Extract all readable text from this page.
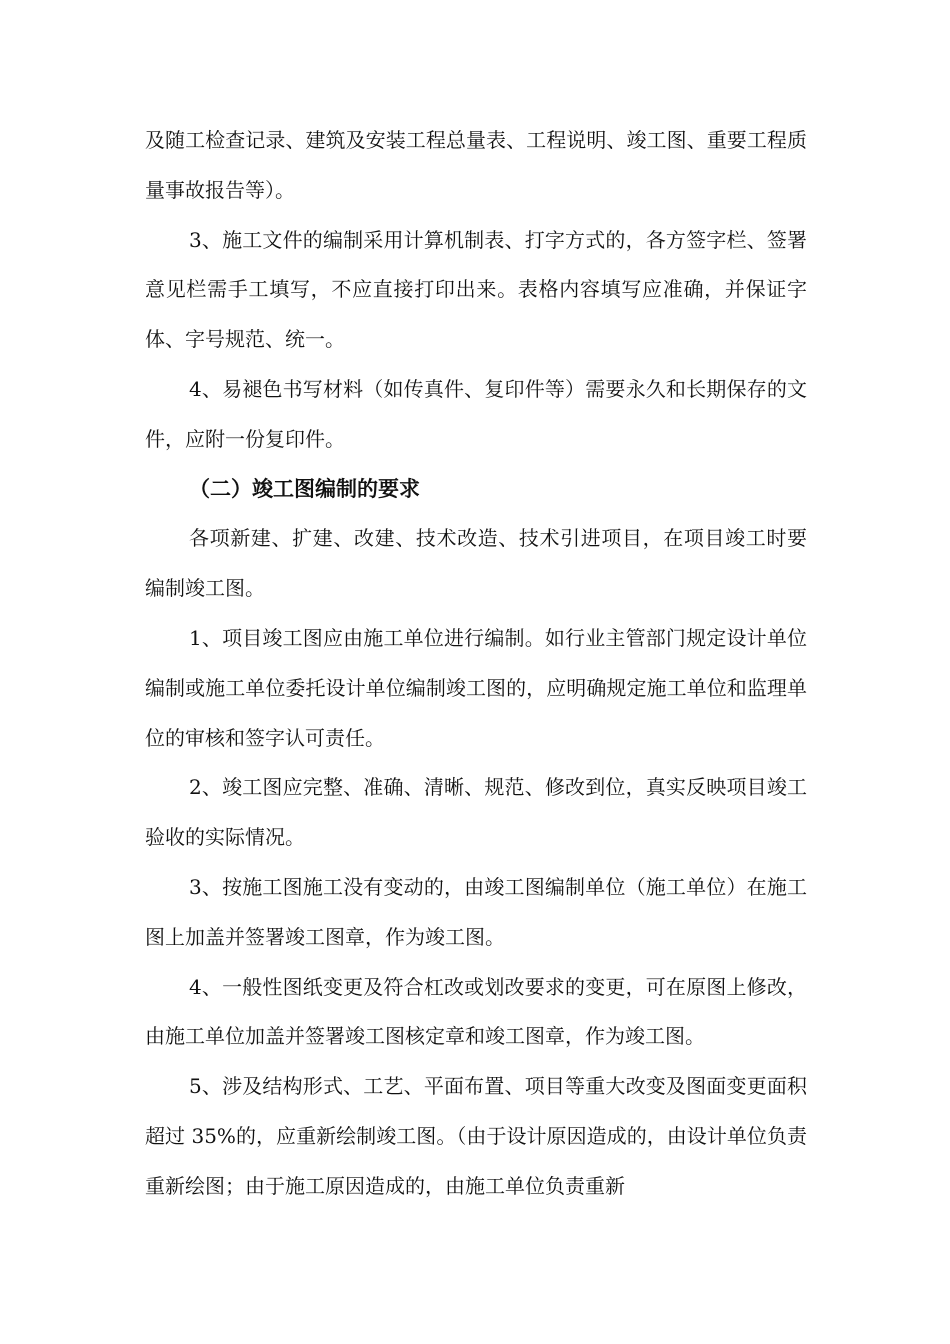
及随工检查记录、建筑及安装工程总量表、工程说明、竣工图、重要工程质量事故报告等）。

3、施工文件的编制采用计算机制表、打字方式的，各方签字栏、签署意见栏需手工填写，不应直接打印出来。表格内容填写应准确，并保证字体、字号规范、统一。

4、易褪色书写材料（如传真件、复印件等）需要永久和长期保存的文件，应附一份复印件。

（二）竣工图编制的要求

各项新建、扩建、改建、技术改造、技术引进项目，在项目竣工时要编制竣工图。

1、项目竣工图应由施工单位进行编制。如行业主管部门规定设计单位编制或施工单位委托设计单位编制竣工图的，应明确规定施工单位和监理单位的审核和签字认可责任。

2、竣工图应完整、准确、清晰、规范、修改到位，真实反映项目竣工验收的实际情况。

3、按施工图施工没有变动的，由竣工图编制单位（施工单位）在施工图上加盖并签署竣工图章，作为竣工图。

4、一般性图纸变更及符合杠改或划改要求的变更，可在原图上修改，由施工单位加盖并签署竣工图核定章和竣工图章，作为竣工图。

5、涉及结构形式、工艺、平面布置、项目等重大改变及图面变更面积超过 35%的，应重新绘制竣工图。（由于设计原因造成的，由设计单位负责重新绘图；由于施工原因造成的，由施工单位负责重新
